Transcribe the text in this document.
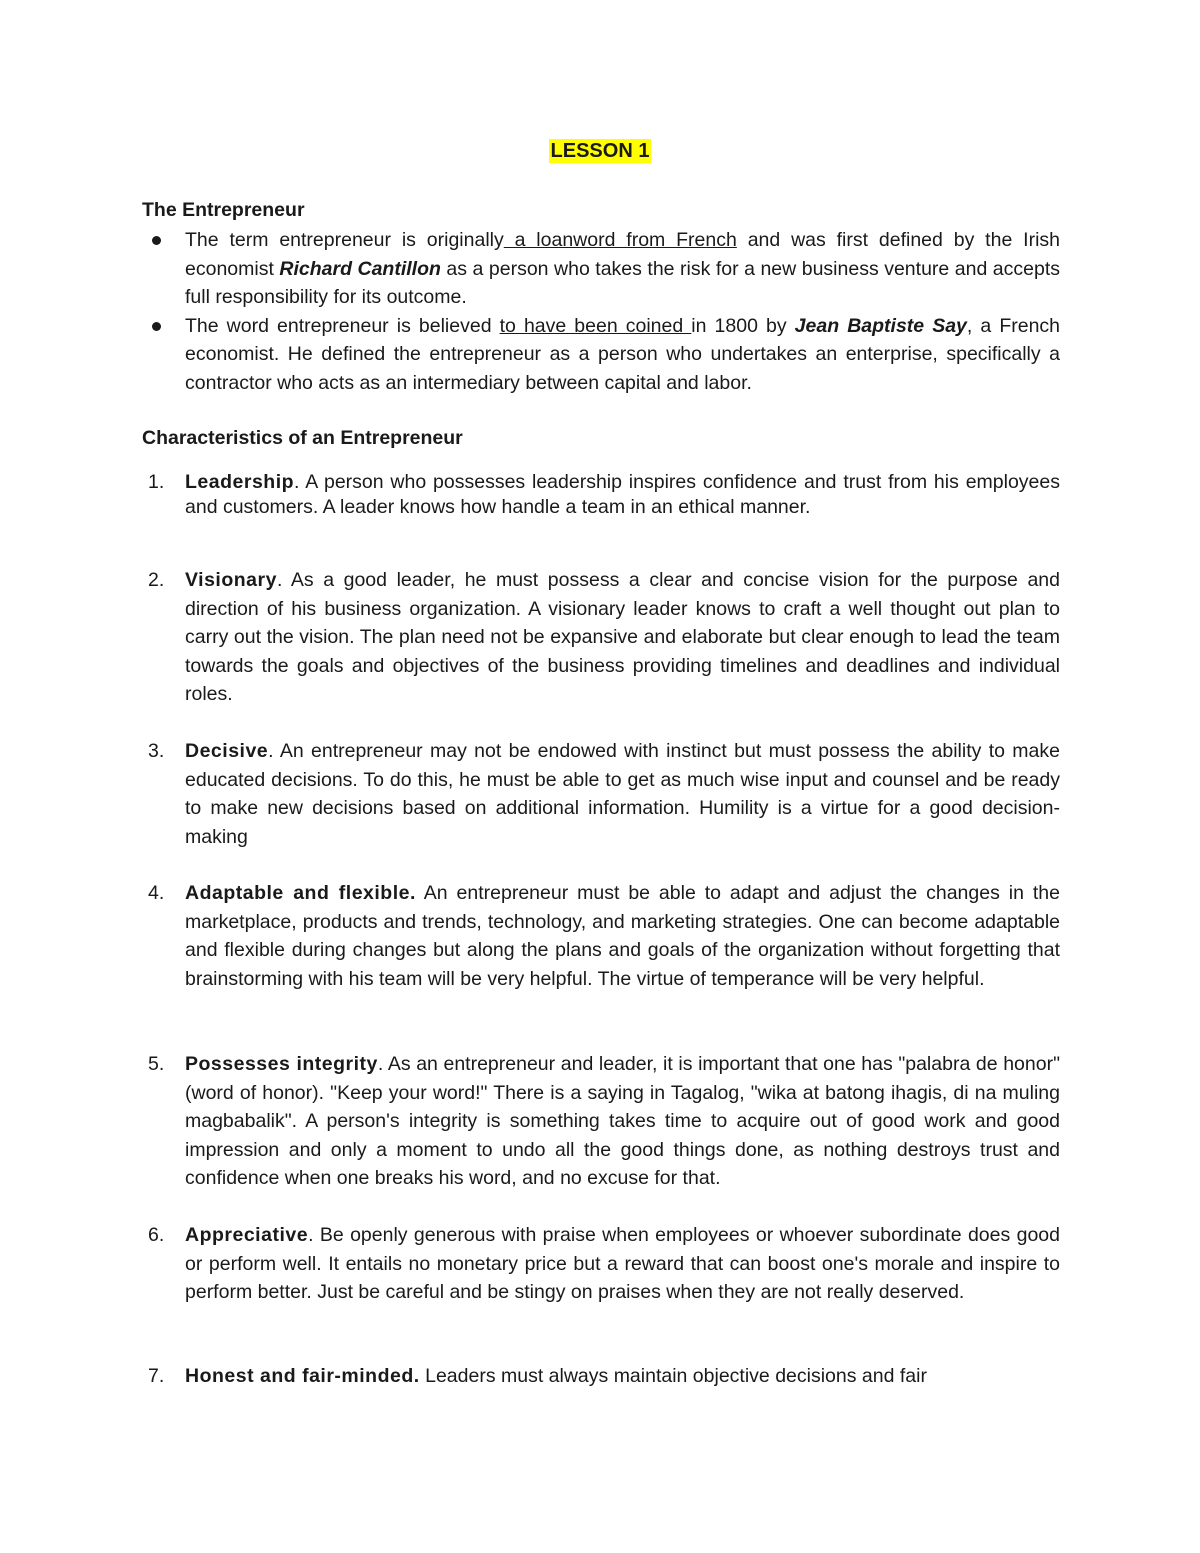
LESSON 1
The Entrepreneur
The term entrepreneur is originally a loanword from French and was first defined by the Irish economist Richard Cantillon as a person who takes the risk for a new business venture and accepts full responsibility for its outcome.
The word entrepreneur is believed to have been coined in 1800 by Jean Baptiste Say, a French economist. He defined the entrepreneur as a person who undertakes an enterprise, specifically a contractor who acts as an intermediary between capital and labor.
Characteristics of an Entrepreneur
1. Leadership. A person who possesses leadership inspires confidence and trust from his employees and customers. A leader knows how handle a team in an ethical manner.
2. Visionary. As a good leader, he must possess a clear and concise vision for the purpose and direction of his business organization. A visionary leader knows to craft a well thought out plan to carry out the vision. The plan need not be expansive and elaborate but clear enough to lead the team towards the goals and objectives of the business providing timelines and deadlines and individual roles.
3. Decisive. An entrepreneur may not be endowed with instinct but must possess the ability to make educated decisions. To do this, he must be able to get as much wise input and counsel and be ready to make new decisions based on additional information. Humility is a virtue for a good decision-making
4. Adaptable and flexible. An entrepreneur must be able to adapt and adjust the changes in the marketplace, products and trends, technology, and marketing strategies. One can become adaptable and flexible during changes but along the plans and goals of the organization without forgetting that brainstorming with his team will be very helpful. The virtue of temperance will be very helpful.
5. Possesses integrity. As an entrepreneur and leader, it is important that one has "palabra de honor" (word of honor). "Keep your word!" There is a saying in Tagalog, "wika at batong ihagis, di na muling magbabalik". A person's integrity is something takes time to acquire out of good work and good impression and only a moment to undo all the good things done, as nothing destroys trust and confidence when one breaks his word, and no excuse for that.
6. Appreciative. Be openly generous with praise when employees or whoever subordinate does good or perform well. It entails no monetary price but a reward that can boost one's morale and inspire to perform better. Just be careful and be stingy on praises when they are not really deserved.
7. Honest and fair-minded. Leaders must always maintain objective decisions and fair
